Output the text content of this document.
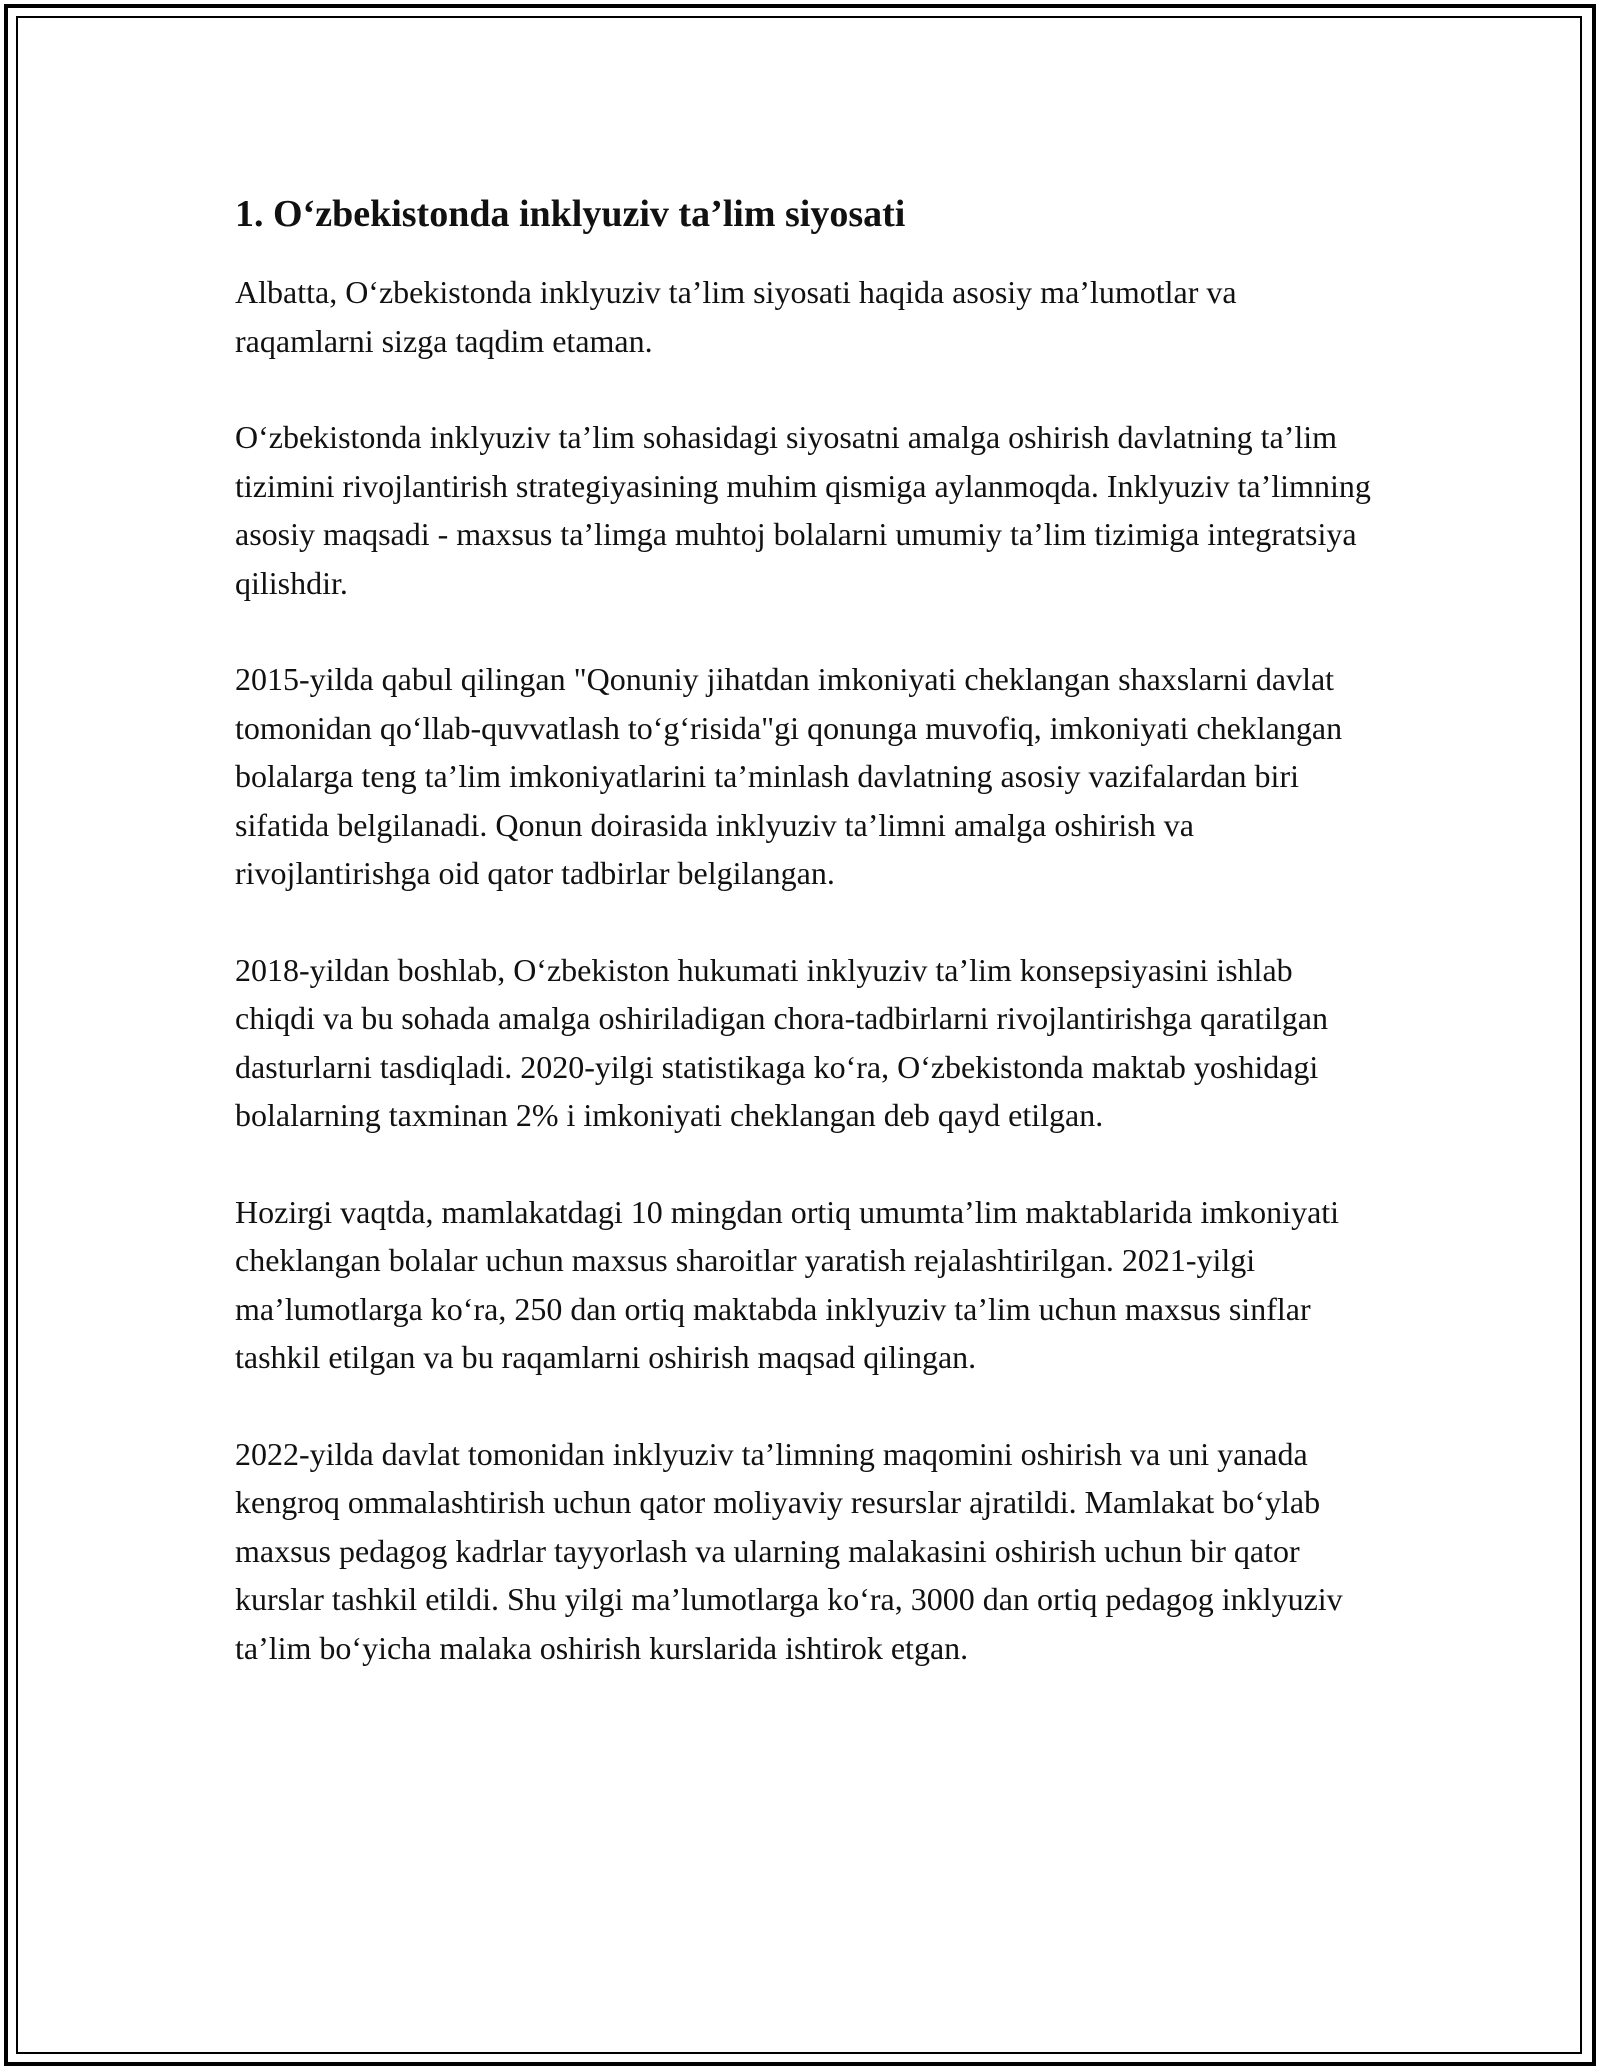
1. O‘zbekistonda inklyuziv ta’lim siyosati

Albatta, O‘zbekistonda inklyuziv ta’lim siyosati haqida asosiy ma’lumotlar va raqamlarni sizga taqdim etaman.

O‘zbekistonda inklyuziv ta’lim sohasidagi siyosatni amalga oshirish davlatning ta’lim tizimini rivojlantirish strategiyasining muhim qismiga aylanmoqda. Inklyuziv ta’limning asosiy maqsadi - maxsus ta’limga muhtoj bolalarni umumiy ta’lim tizimiga integratsiya qilishdir.

2015-yilda qabul qilingan "Qonuniy jihatdan imkoniyati cheklangan shaxslarni davlat tomonidan qo‘llab-quvvatlash to‘g‘risida"gi qonunga muvofiq, imkoniyati cheklangan bolalarga teng ta’lim imkoniyatlarini ta’minlash davlatning asosiy vazifalardan biri sifatida belgilanadi. Qonun doirasida inklyuziv ta’limni amalga oshirish va rivojlantirishga oid qator tadbirlar belgilangan.

2018-yildan boshlab, O‘zbekiston hukumati inklyuziv ta’lim konsepsiyasini ishlab chiqdi va bu sohada amalga oshiriladigan chora-tadbirlarni rivojlantirishga qaratilgan dasturlarni tasdiqladi. 2020-yilgi statistikaga ko‘ra, O‘zbekistonda maktab yoshidagi bolalarning taxminan 2% i imkoniyati cheklangan deb qayd etilgan.

Hozirgi vaqtda, mamlakatdagi 10 mingdan ortiq umumta’lim maktablarida imkoniyati cheklangan bolalar uchun maxsus sharoitlar yaratish rejalashtirilgan. 2021-yilgi ma’lumotlarga ko‘ra, 250 dan ortiq maktabda inklyuziv ta’lim uchun maxsus sinflar tashkil etilgan va bu raqamlarni oshirish maqsad qilingan.

2022-yilda davlat tomonidan inklyuziv ta’limning maqomini oshirish va uni yanada kengroq ommalashtirish uchun qator moliyaviy resurslar ajratildi. Mamlakat bo‘ylab maxsus pedagog kadrlar tayyorlash va ularning malakasini oshirish uchun bir qator kurslar tashkil etildi. Shu yilgi ma’lumotlarga ko‘ra, 3000 dan ortiq pedagog inklyuziv ta’lim bo‘yicha malaka oshirish kurslarida ishtirok etgan.
